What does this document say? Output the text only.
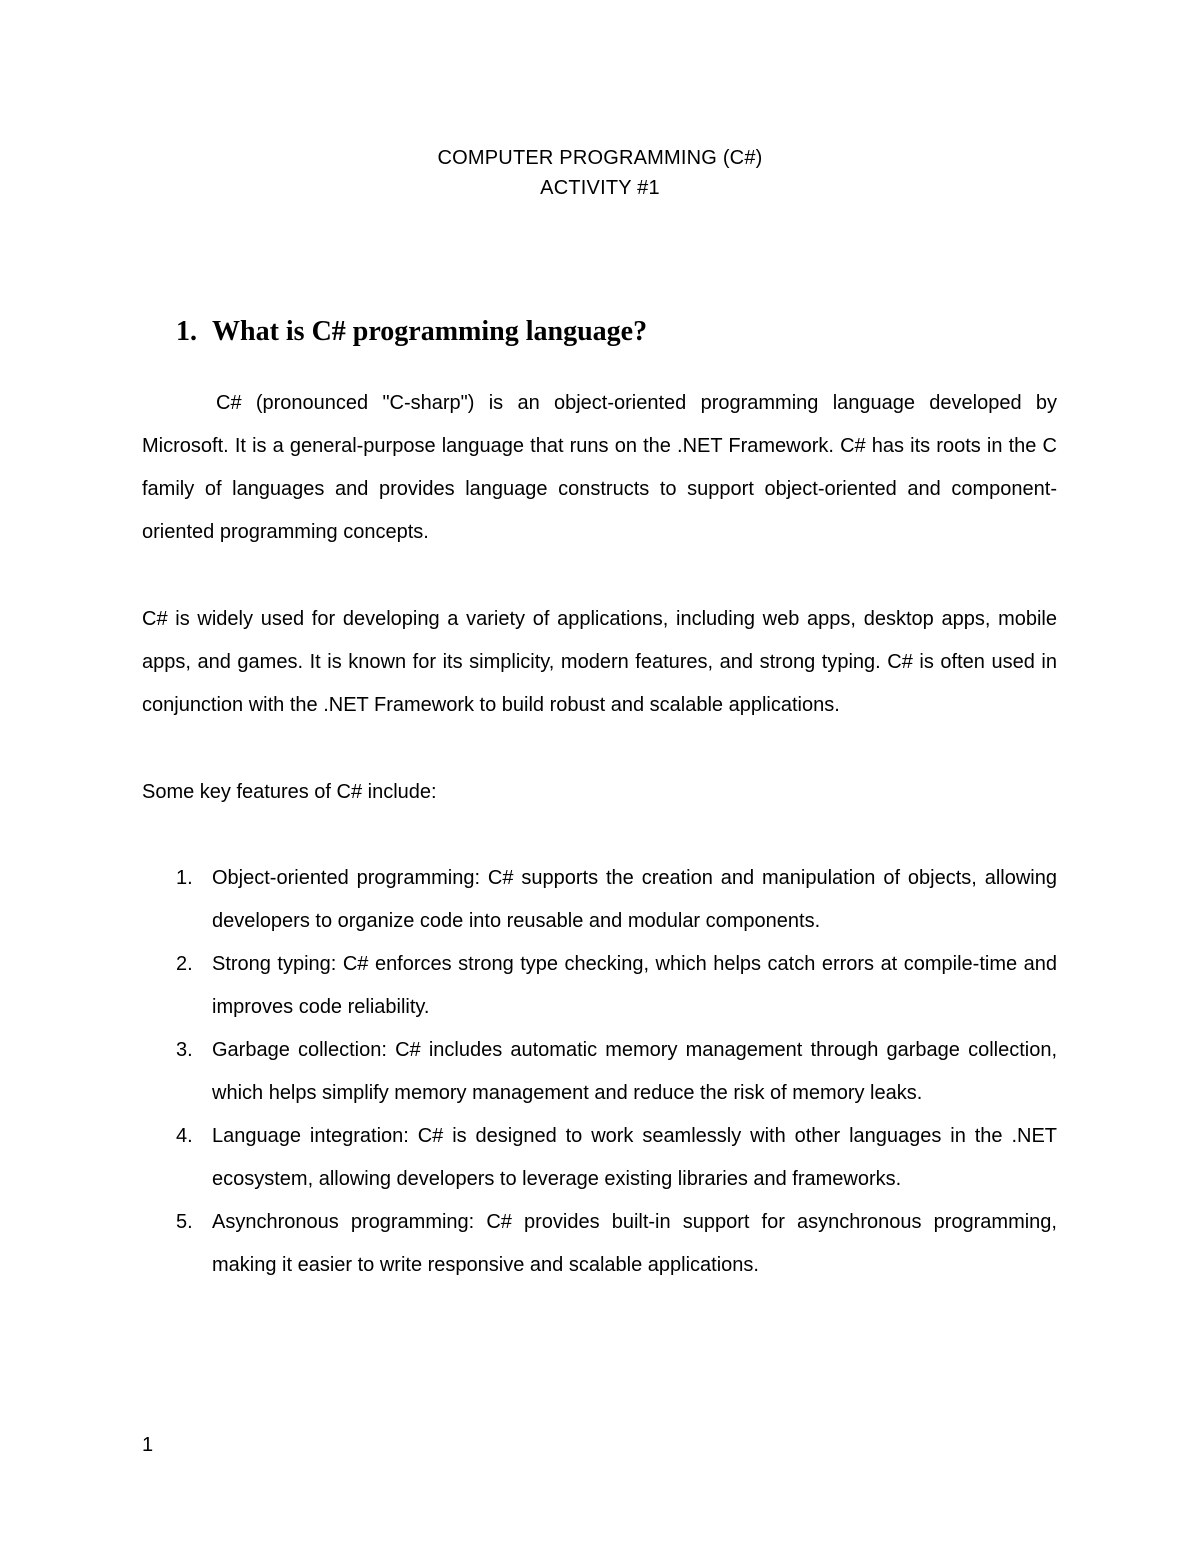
COMPUTER PROGRAMMING (C#)
ACTIVITY #1
1. What is C# programming language?

C# (pronounced "C-sharp") is an object-oriented programming language developed by Microsoft. It is a general-purpose language that runs on the .NET Framework. C# has its roots in the C family of languages and provides language constructs to support object-oriented and component-oriented programming concepts.

C# is widely used for developing a variety of applications, including web apps, desktop apps, mobile apps, and games. It is known for its simplicity, modern features, and strong typing. C# is often used in conjunction with the .NET Framework to build robust and scalable applications.

Some key features of C# include:

1. Object-oriented programming: C# supports the creation and manipulation of objects, allowing developers to organize code into reusable and modular components.
2. Strong typing: C# enforces strong type checking, which helps catch errors at compile-time and improves code reliability.
3. Garbage collection: C# includes automatic memory management through garbage collection, which helps simplify memory management and reduce the risk of memory leaks.
4. Language integration: C# is designed to work seamlessly with other languages in the .NET ecosystem, allowing developers to leverage existing libraries and frameworks.
5. Asynchronous programming: C# provides built-in support for asynchronous programming, making it easier to write responsive and scalable applications.
1
